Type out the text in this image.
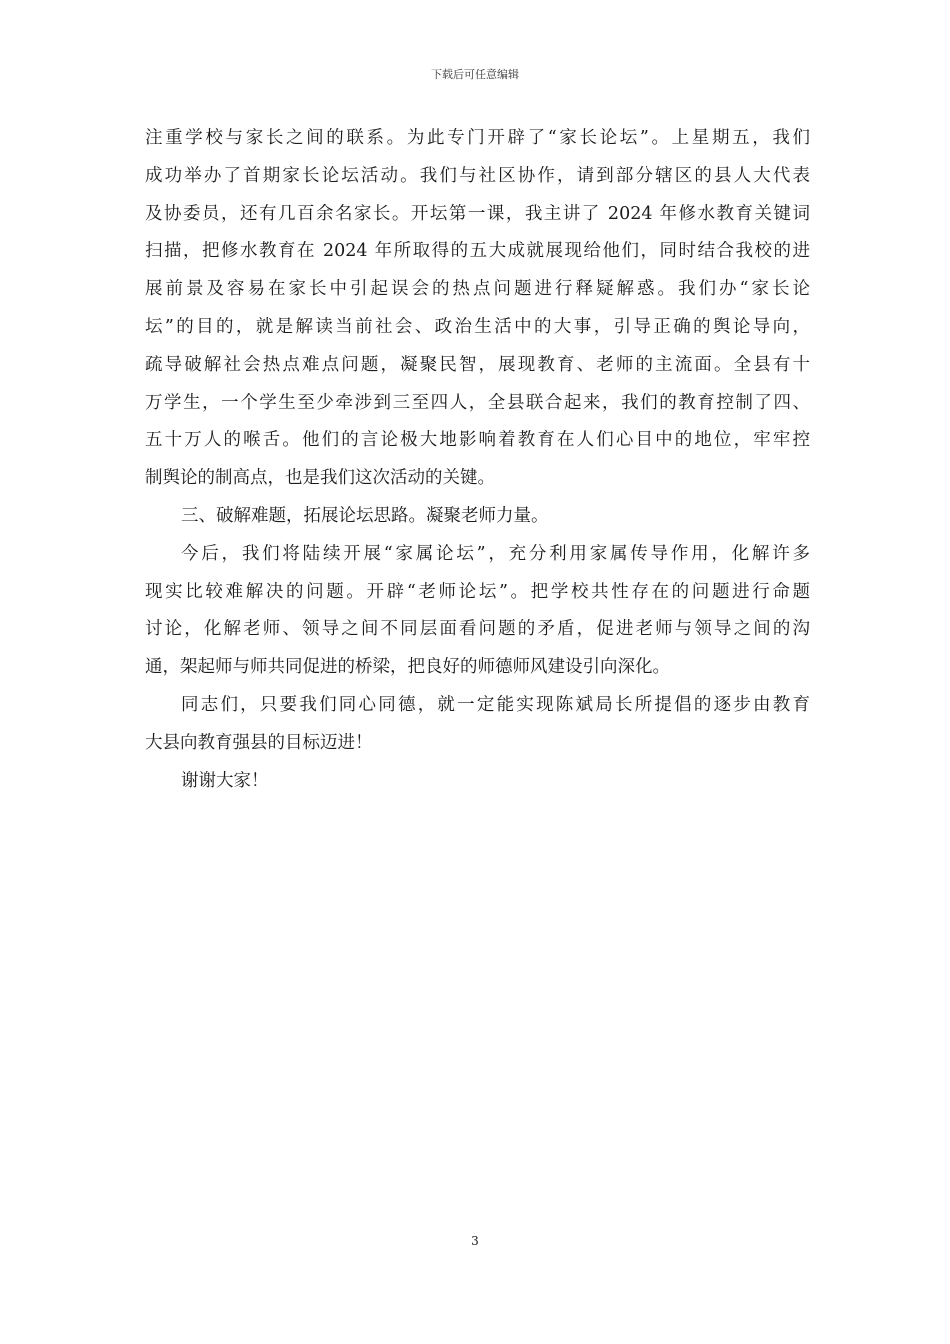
下载后可任意编辑
注重学校与家长之间的联系。为此专门开辟了“家长论坛”。上星期五，我们
成功举办了首期家长论坛活动。我们与社区协作，请到部分辖区的县人大代表
及协委员，还有几百余名家长。开坛第一课，我主讲了 2024 年修水教育关键词
扫描，把修水教育在 2024 年所取得的五大成就展现给他们，同时结合我校的进
展前景及容易在家长中引起误会的热点问题进行释疑解惑。我们办“家长论
坛”的目的，就是解读当前社会、政治生活中的大事，引导正确的舆论导向，
疏导破解社会热点难点问题，凝聚民智，展现教育、老师的主流面。全县有十
万学生，一个学生至少牵涉到三至四人，全县联合起来，我们的教育控制了四、
五十万人的喉舌。他们的言论极大地影响着教育在人们心目中的地位，牢牢控
制舆论的制高点，也是我们这次活动的关键。
三、破解难题，拓展论坛思路。凝聚老师力量。
今后，我们将陆续开展“家属论坛”，充分利用家属传导作用，化解许多
现实比较难解决的问题。开辟“老师论坛”。把学校共性存在的问题进行命题
讨论，化解老师、领导之间不同层面看问题的矛盾，促进老师与领导之间的沟
通，架起师与师共同促进的桥梁，把良好的师德师风建设引向深化。
同志们，只要我们同心同德，就一定能实现陈斌局长所提倡的逐步由教育
大县向教育强县的目标迈进！
谢谢大家！
3
